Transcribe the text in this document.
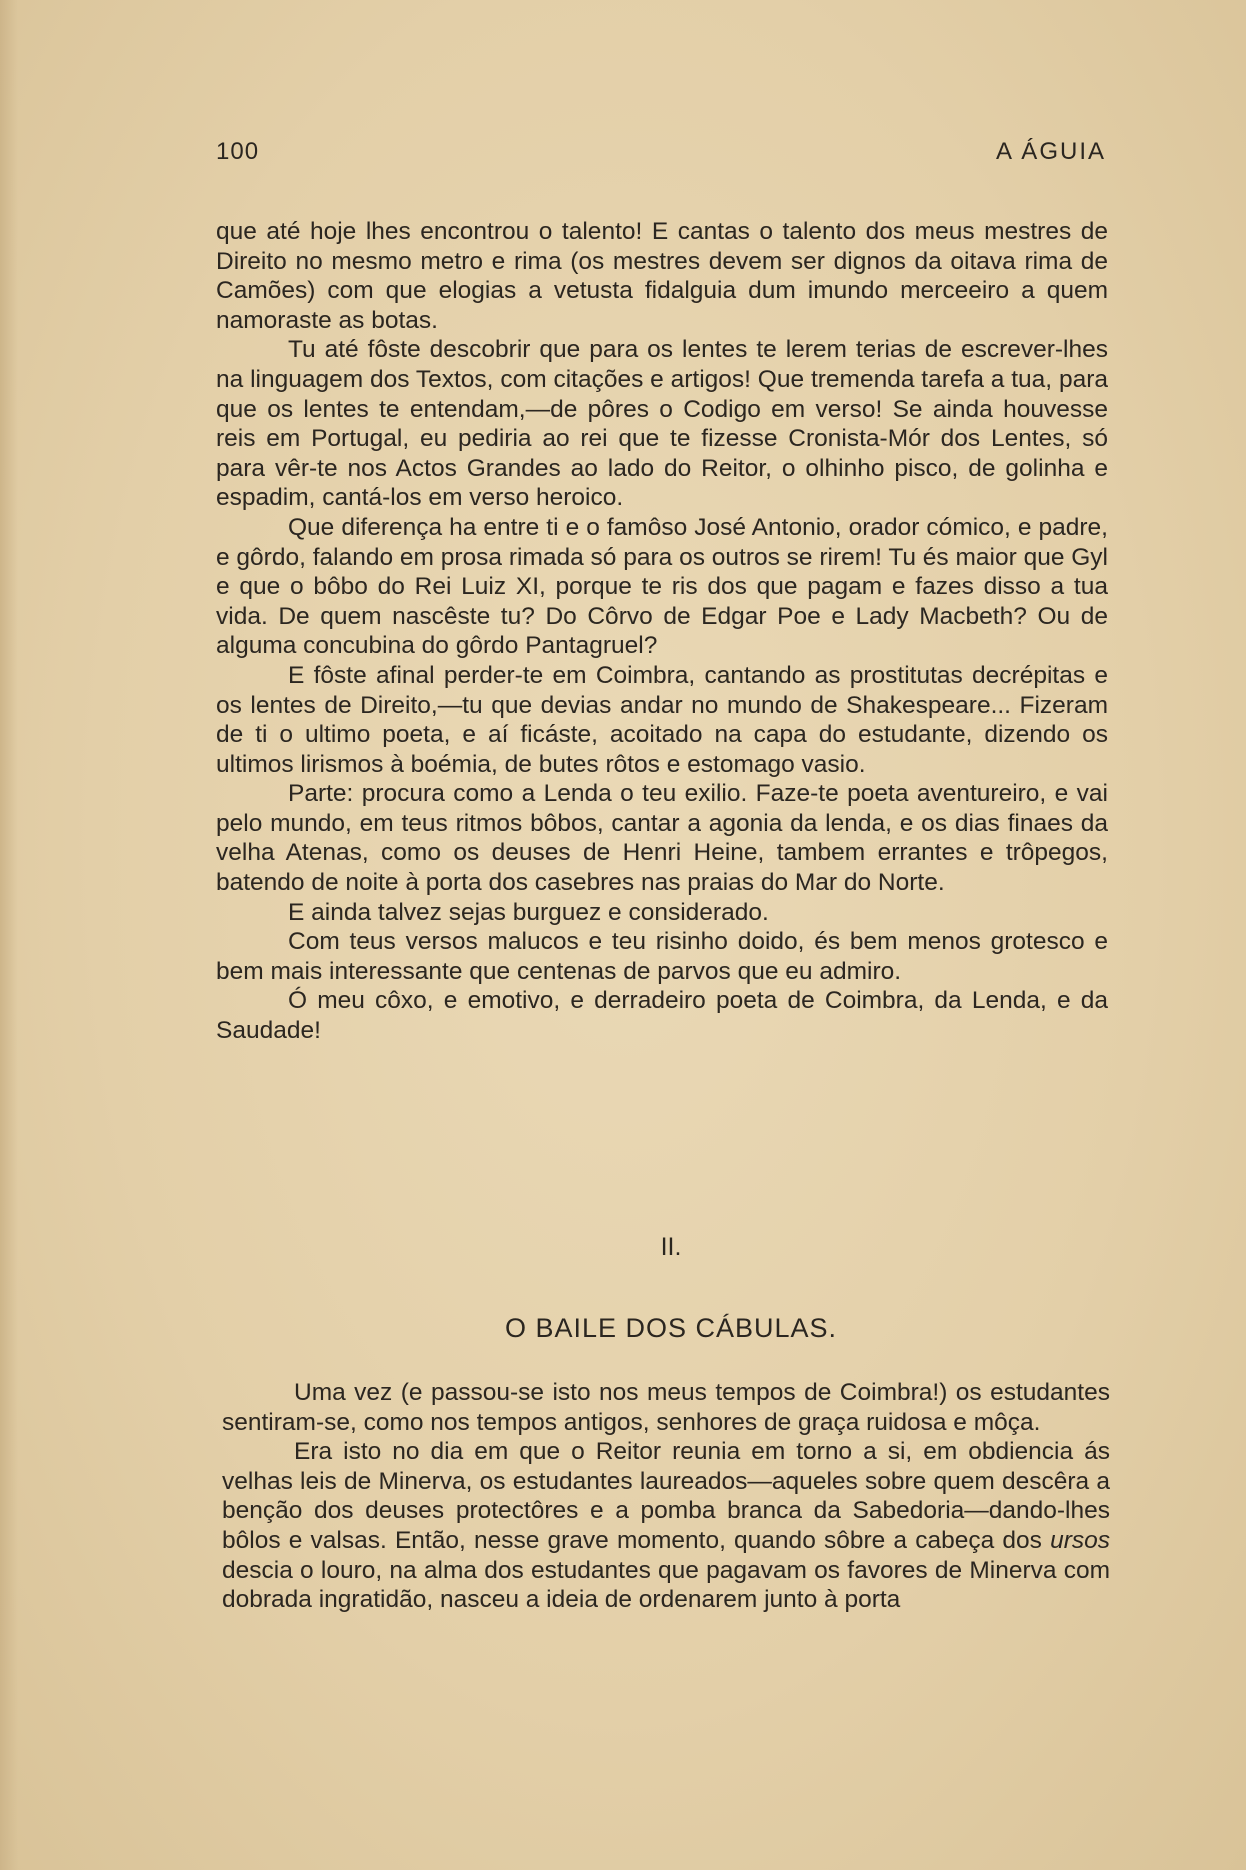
100	A ÁGUIA

que até hoje lhes encontrou o talento! E cantas o talento dos meus mestres de Direito no mesmo metro e rima (os mestres devem ser dignos da oitava rima de Camões) com que elogias a vetusta fidalguia dum imundo merceeiro a quem namoraste as botas.

Tu até fôste descobrir que para os lentes te lerem terias de escrever-lhes na linguagem dos Textos, com citações e artigos! Que tremenda tarefa a tua, para que os lentes te entendam,—de pôres o Codigo em verso! Se ainda houvesse reis em Portugal, eu pediria ao rei que te fizesse Cronista-Mór dos Lentes, só para vêr-te nos Actos Grandes ao lado do Reitor, o olhinho pisco, de golinha e espadim, cantá-los em verso heroico.

Que diferença ha entre ti e o famôso José Antonio, orador cómico, e padre, e gôrdo, falando em prosa rimada só para os outros se rirem! Tu és maior que Gyl e que o bôbo do Rei Luiz XI, porque te ris dos que pagam e fazes disso a tua vida. De quem nascêste tu? Do Côrvo de Edgar Poe e Lady Macbeth? Ou de alguma concubina do gôrdo Pantagruel?

E fôste afinal perder-te em Coimbra, cantando as prostitutas decrépitas e os lentes de Direito,—tu que devias andar no mundo de Shakespeare... Fizeram de ti o ultimo poeta, e aí ficáste, acoitado na capa do estudante, dizendo os ultimos lirismos à boémia, de butes rôtos e estomago vasio.

Parte: procura como a Lenda o teu exilio. Faze-te poeta aventureiro, e vai pelo mundo, em teus ritmos bôbos, cantar a agonia da lenda, e os dias finaes da velha Atenas, como os deuses de Henri Heine, tambem errantes e trôpegos, batendo de noite à porta dos casebres nas praias do Mar do Norte.

E ainda talvez sejas burguez e considerado.

Com teus versos malucos e teu risinho doido, és bem menos grotesco e bem mais interessante que centenas de parvos que eu admiro.

Ó meu côxo, e emotivo, e derradeiro poeta de Coimbra, da Lenda, e da Saudade!

II.
O BAILE DOS CÁBULAS.

Uma vez (e passou-se isto nos meus tempos de Coimbra!) os estudantes sentiram-se, como nos tempos antigos, senhores de graça ruidosa e môça.

Era isto no dia em que o Reitor reunia em torno a si, em obdiencia ás velhas leis de Minerva, os estudantes laureados—aqueles sobre quem descêra a benção dos deuses protectôres e a pomba branca da Sabedoria—dando-lhes bôlos e valsas. Então, nesse grave momento, quando sôbre a cabeça dos ursos descia o louro, na alma dos estudantes que pagavam os favores de Minerva com dobrada ingratidão, nasceu a ideia de ordenarem junto à porta
